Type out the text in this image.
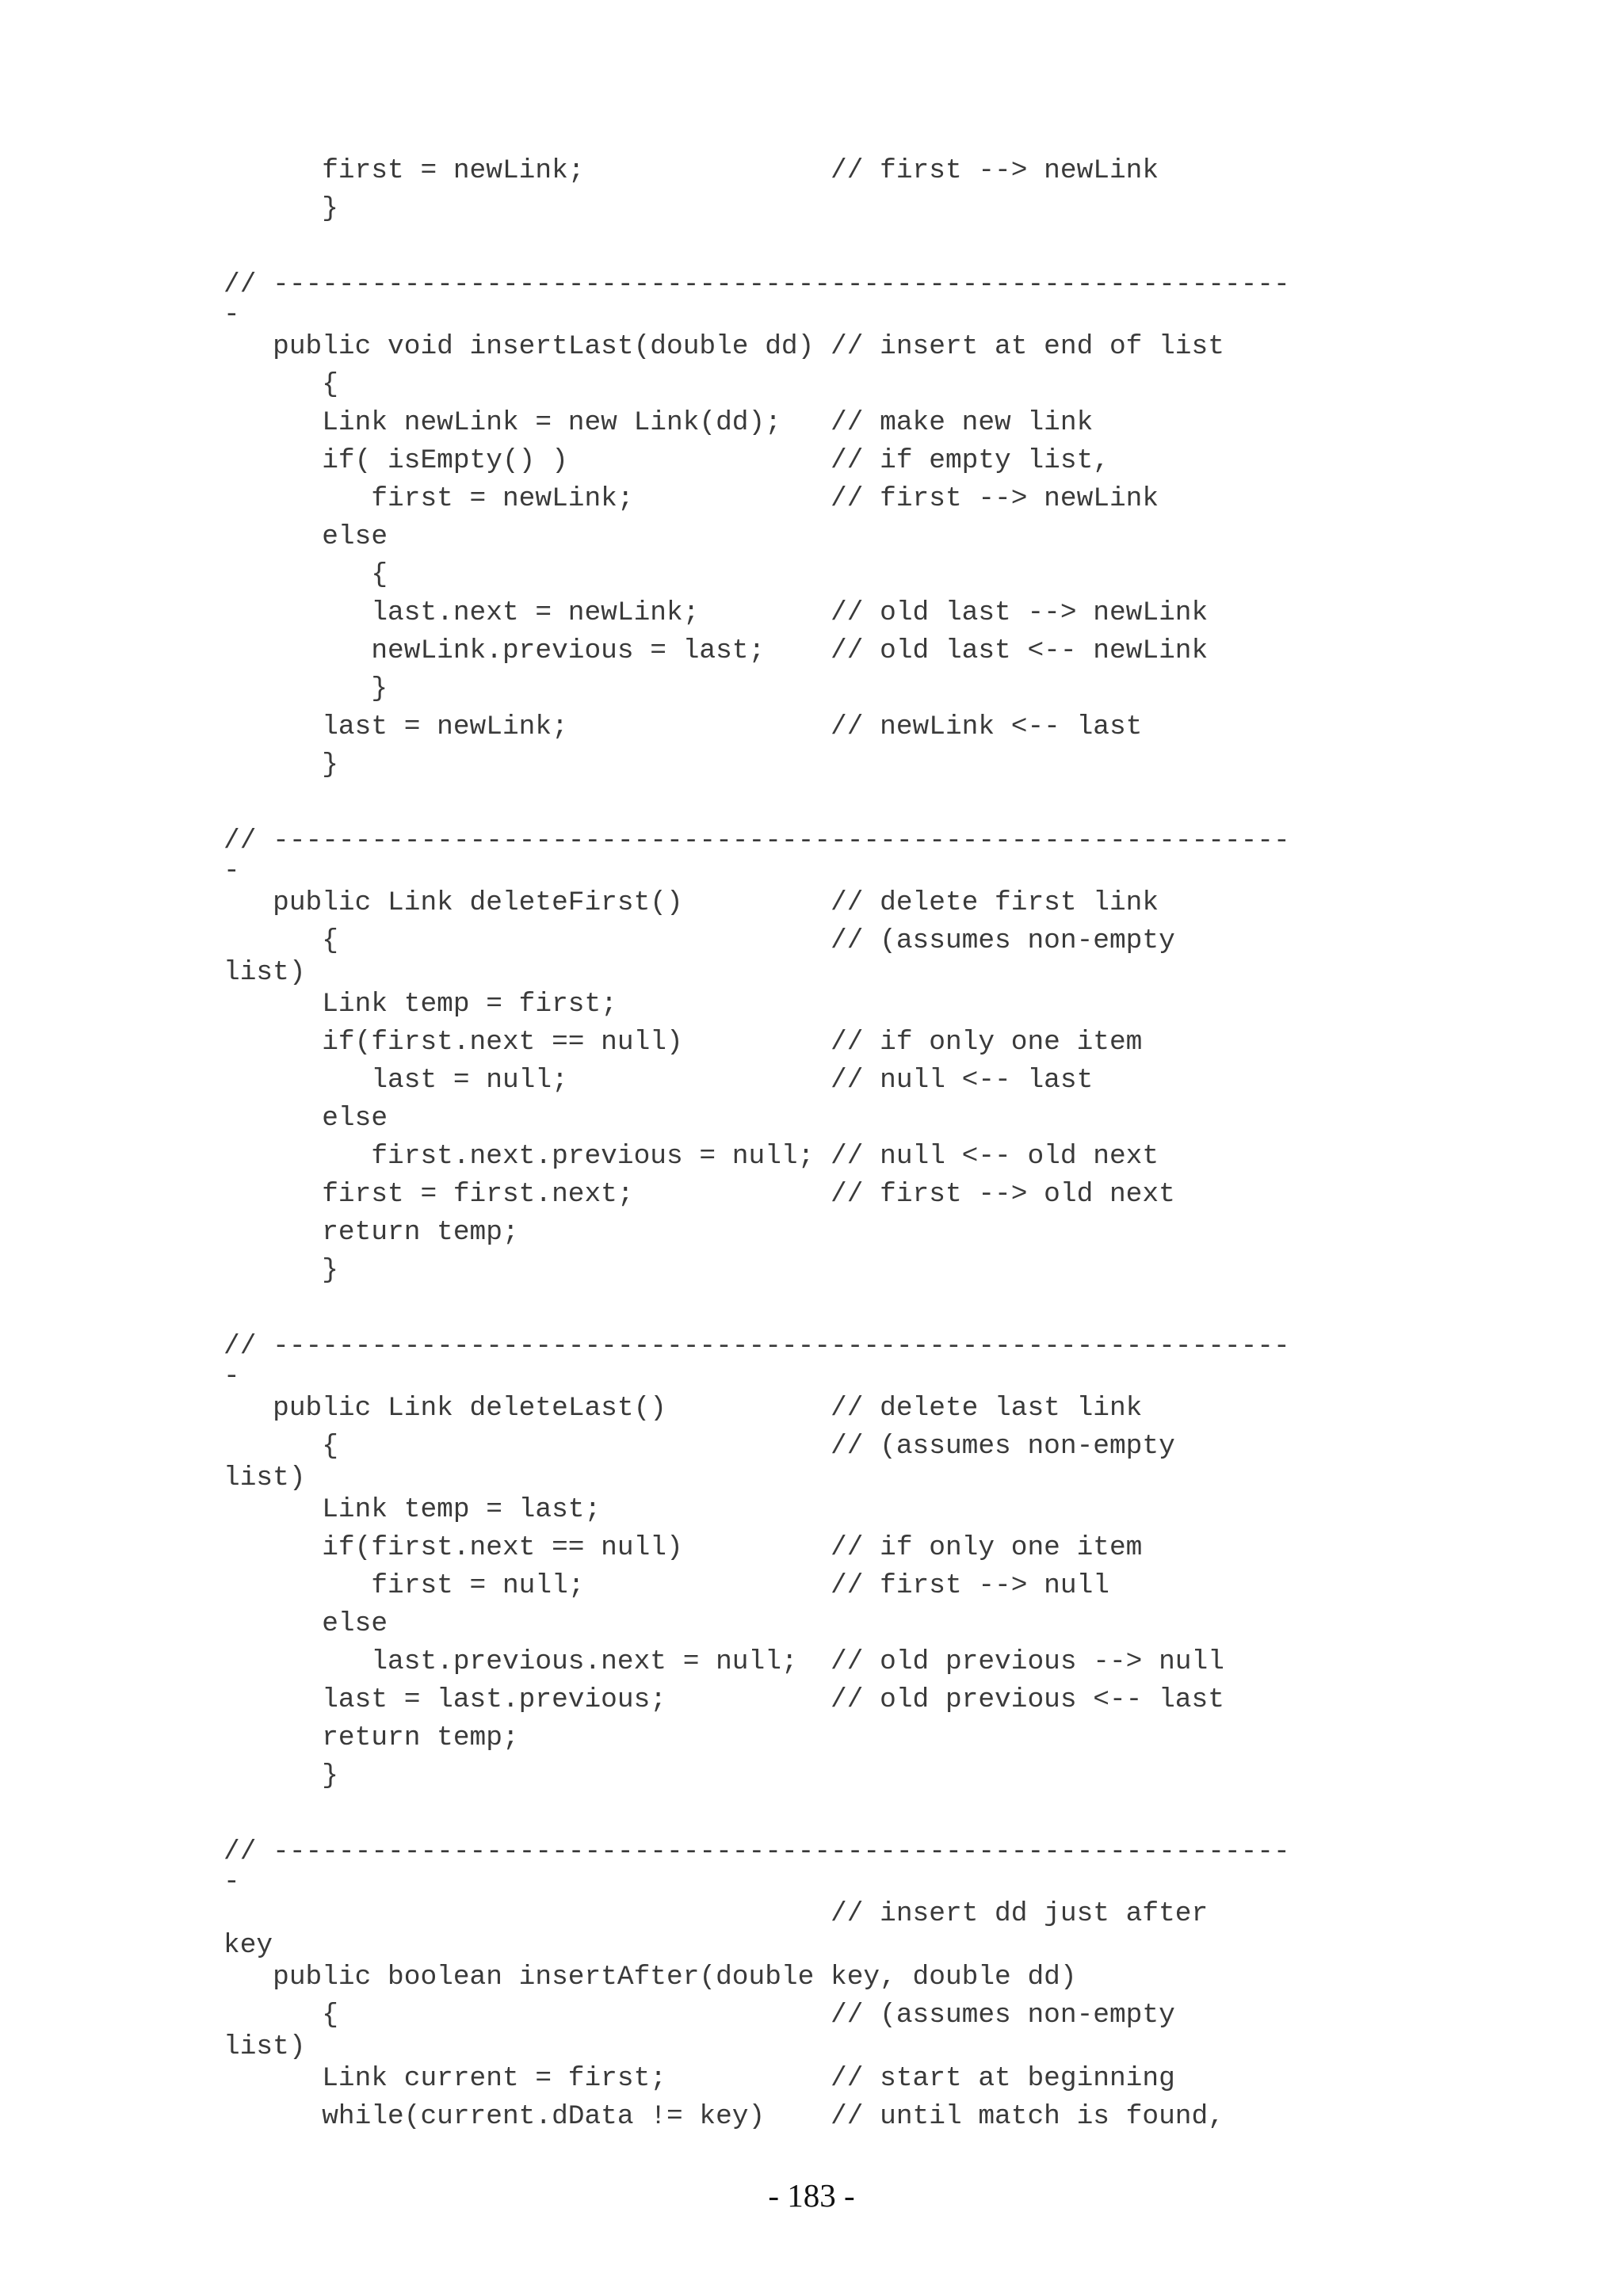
first = newLink;               // first --> newLink
}
// --------------------------------------------------------------
-
public void insertLast(double dd) // insert at end of list
{
Link newLink = new Link(dd);   // make new link
if( isEmpty() )                // if empty list,
first = newLink;            // first --> newLink
else
{
last.next = newLink;        // old last --> newLink
newLink.previous = last;    // old last <-- newLink
}
last = newLink;                // newLink <-- last
}
// --------------------------------------------------------------
-
public Link deleteFirst()         // delete first link
{                              // (assumes non-empty
list)
Link temp = first;
if(first.next == null)         // if only one item
last = null;                // null <-- last
else
first.next.previous = null; // null <-- old next
first = first.next;            // first --> old next
return temp;
}
// --------------------------------------------------------------
-
public Link deleteLast()          // delete last link
{                              // (assumes non-empty
list)
Link temp = last;
if(first.next == null)         // if only one item
first = null;               // first --> null
else
last.previous.next = null;  // old previous --> null
last = last.previous;          // old previous <-- last
return temp;
}
// --------------------------------------------------------------
-
// insert dd just after
key
public boolean insertAfter(double key, double dd)
{                              // (assumes non-empty
list)
Link current = first;          // start at beginning
while(current.dData != key)    // until match is found,
- 183 -
